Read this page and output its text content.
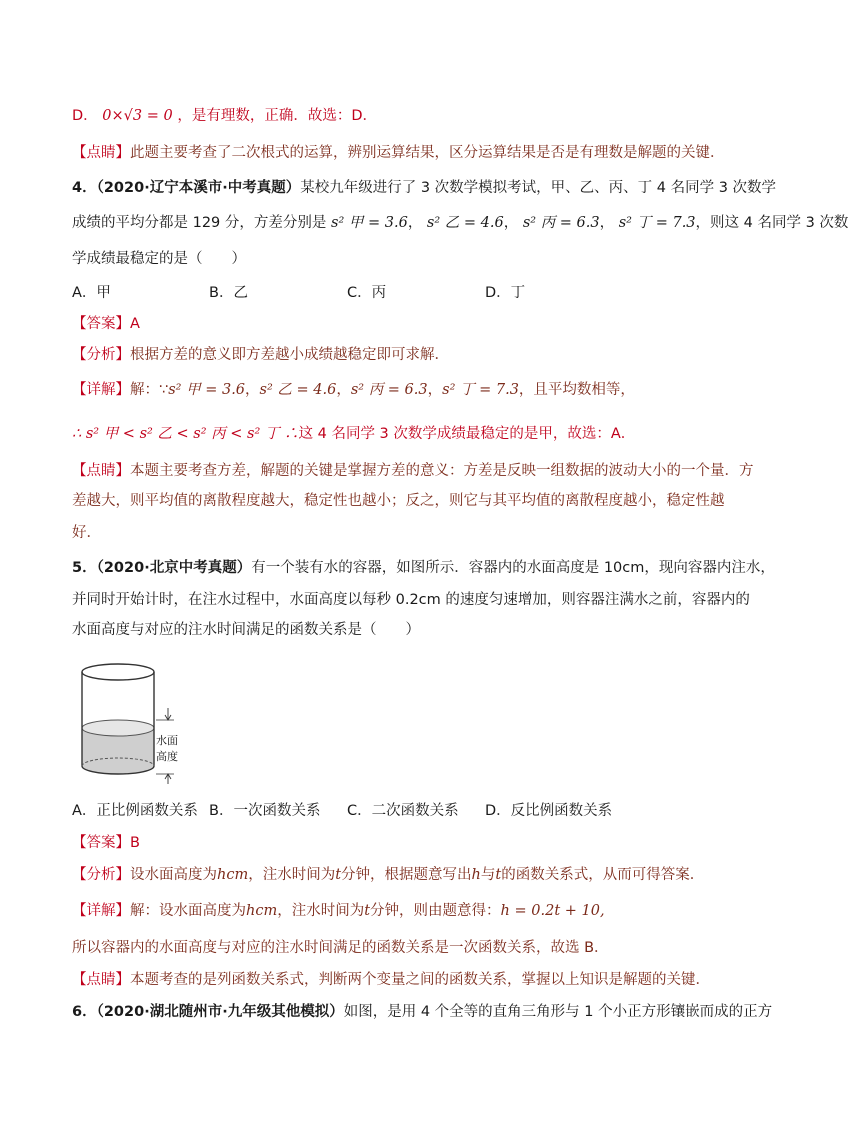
D． 0×√3 = 0 ，是有理数，正确．故选：D．
【点睛】此题主要考查了二次根式的运算，辨别运算结果，区分运算结果是否是有理数是解题的关键．
4．（2020·辽宁本溪市·中考真题）某校九年级进行了 3 次数学模拟考试，甲、乙、丙、丁 4 名同学 3 次数学
成绩的平均分都是 129 分，方差分别是 s² 甲 = 3.6， s² 乙 = 4.6， s² 丙 = 6.3， s² 丁 = 7.3，则这 4 名同学 3 次数
学成绩最稳定的是（　　）
A．甲	B．乙	C．丙	D．丁
【答案】A
【分析】根据方差的意义即方差越小成绩越稳定即可求解．
【详解】解：∵s² 甲 = 3.6，s² 乙 = 4.6，s² 丙 = 6.3，s² 丁 = 7.3，且平均数相等，
∴ s² 甲 < s² 乙 < s² 丙 < s² 丁 ∴这 4 名同学 3 次数学成绩最稳定的是甲，故选：A．
【点睛】本题主要考查方差，解题的关键是掌握方差的意义：方差是反映一组数据的波动大小的一个量．方
差越大，则平均值的离散程度越大，稳定性也越小；反之，则它与其平均值的离散程度越小，稳定性越
好．
5．（2020·北京中考真题）有一个装有水的容器，如图所示．容器内的水面高度是 10cm，现向容器内注水，
并同时开始计时，在注水过程中，水面高度以每秒 0.2cm 的速度匀速增加，则容器注满水之前，容器内的
水面高度与对应的注水时间满足的函数关系是（　　）
水面
高度
A．正比例函数关系 B．一次函数关系 C．二次函数关系 D．反比例函数关系
【答案】B
【分析】设水面高度为hcm，注水时间为t分钟，根据题意写出h与t的函数关系式，从而可得答案．
【详解】解：设水面高度为hcm，注水时间为t分钟，则由题意得：h = 0.2t + 10,
所以容器内的水面高度与对应的注水时间满足的函数关系是一次函数关系，故选 B．
【点睛】本题考查的是列函数关系式，判断两个变量之间的函数关系，掌握以上知识是解题的关键．
6．（2020·湖北随州市·九年级其他模拟）如图，是用 4 个全等的直角三角形与 1 个小正方形镶嵌而成的正方
